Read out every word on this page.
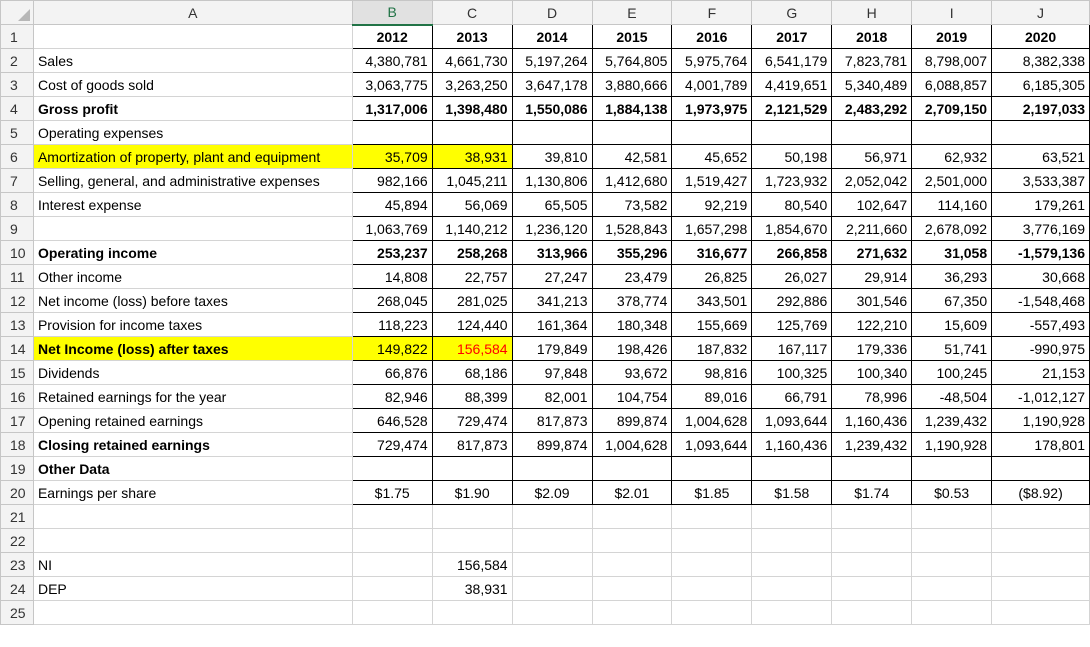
	A	B	C	D	E	F	G	H	I	J
1		2012	2013	2014	2015	2016	2017	2018	2019	2020
2	Sales	4,380,781	4,661,730	5,197,264	5,764,805	5,975,764	6,541,179	7,823,781	8,798,007	8,382,338
3	Cost of goods sold	3,063,775	3,263,250	3,647,178	3,880,666	4,001,789	4,419,651	5,340,489	6,088,857	6,185,305
4	Gross profit	1,317,006	1,398,480	1,550,086	1,884,138	1,973,975	2,121,529	2,483,292	2,709,150	2,197,033
5	Operating expenses									
6	Amortization of property, plant and equipment	35,709	38,931	39,810	42,581	45,652	50,198	56,971	62,932	63,521
7	Selling, general, and administrative expenses	982,166	1,045,211	1,130,806	1,412,680	1,519,427	1,723,932	2,052,042	2,501,000	3,533,387
8	Interest expense	45,894	56,069	65,505	73,582	92,219	80,540	102,647	114,160	179,261
9		1,063,769	1,140,212	1,236,120	1,528,843	1,657,298	1,854,670	2,211,660	2,678,092	3,776,169
10	Operating income	253,237	258,268	313,966	355,296	316,677	266,858	271,632	31,058	-1,579,136
11	Other income	14,808	22,757	27,247	23,479	26,825	26,027	29,914	36,293	30,668
12	Net income (loss) before taxes	268,045	281,025	341,213	378,774	343,501	292,886	301,546	67,350	-1,548,468
13	Provision for income taxes	118,223	124,440	161,364	180,348	155,669	125,769	122,210	15,609	-557,493
14	Net Income (loss) after taxes	149,822	156,584	179,849	198,426	187,832	167,117	179,336	51,741	-990,975
15	Dividends	66,876	68,186	97,848	93,672	98,816	100,325	100,340	100,245	21,153
16	Retained earnings for the year	82,946	88,399	82,001	104,754	89,016	66,791	78,996	-48,504	-1,012,127
17	Opening retained earnings	646,528	729,474	817,873	899,874	1,004,628	1,093,644	1,160,436	1,239,432	1,190,928
18	Closing retained earnings	729,474	817,873	899,874	1,004,628	1,093,644	1,160,436	1,239,432	1,190,928	178,801
19	Other Data									
20	Earnings per share	$1.75	$1.90	$2.09	$2.01	$1.85	$1.58	$1.74	$0.53	($8.92)
21										
22										
23	NI		156,584							
24	DEP		38,931							
25										
